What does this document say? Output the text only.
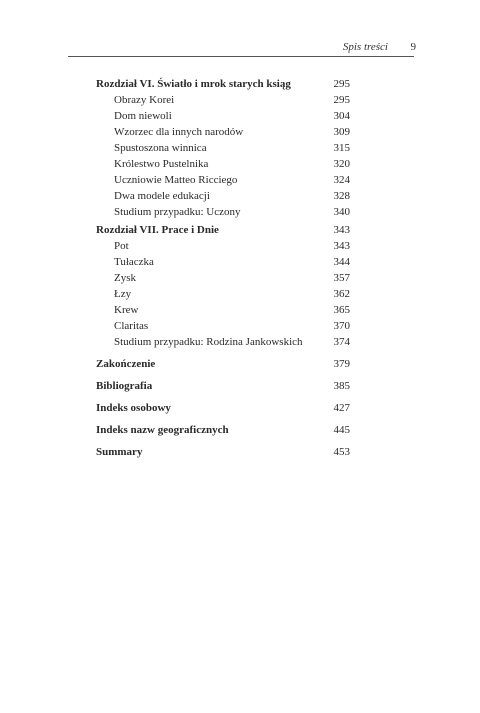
Spis treści 9
Rozdział VI. Światło i mrok starych ksiąg	295
Obrazy Korei	295
Dom niewoli	304
Wzorzec dla innych narodów	309
Spustoszona winnica	315
Królestwo Pustelnika	320
Uczniowie Matteo Ricciego	324
Dwa modele edukacji	328
Studium przypadku: Uczony	340
Rozdział VII. Prace i Dnie	343
Pot	343
Tułaczka	344
Zysk	357
Łzy	362
Krew	365
Claritas	370
Studium przypadku: Rodzina Jankowskich	374
Zakończenie	379
Bibliografia	385
Indeks osobowy	427
Indeks nazw geograficznych	445
Summary	453
